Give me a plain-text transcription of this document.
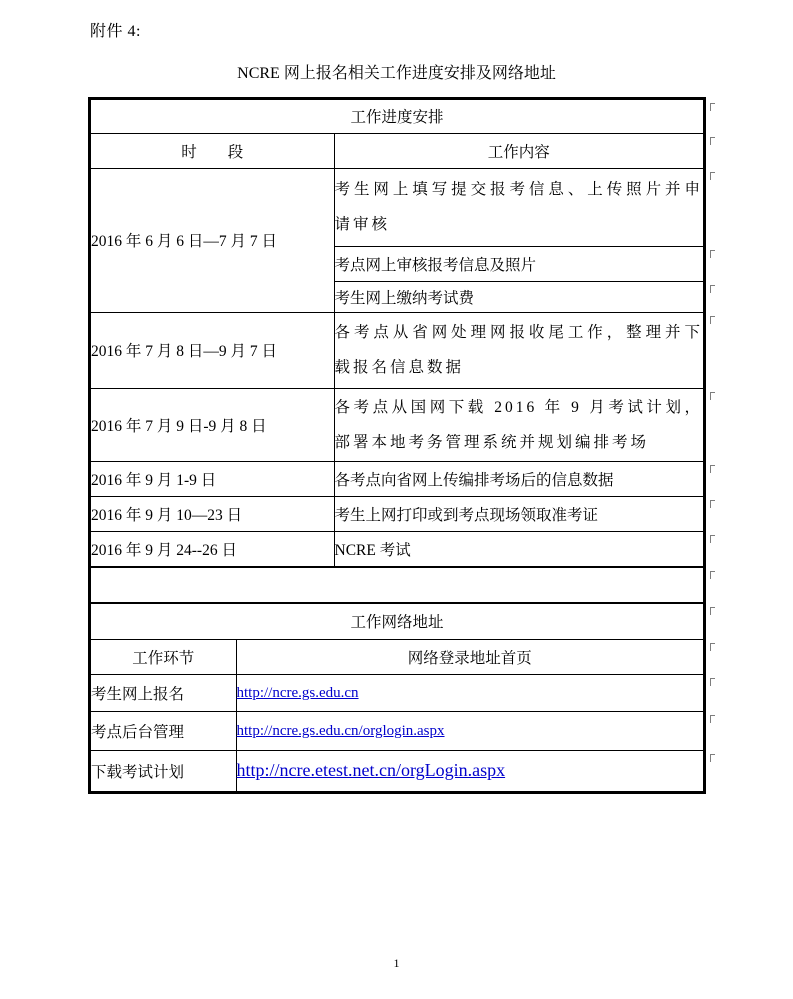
附件 4:
NCRE 网上报名相关工作进度安排及网络地址
工作进度安排	

时　　段	工作内容

2016 年 6 月 6 日—7 月 7 日	考生网上填写提交报考信息、上传照片并申请审核

	考点网上审核报考信息及照片

	考生网上缴纳考试费

2016 年 7 月 8 日—9 月 7 日	各考点从省网处理网报收尾工作，整理并下载报名信息数据

2016 年 7 月 9 日-9 月 8 日	各考点从国网下载 2016 年 9 月考试计划，部署本地考务管理系统并规划编排考场

2016 年 9 月 1-9 日	各考点向省网上传编排考场后的信息数据

2016 年 9 月 10—23 日	考生上网打印或到考点现场领取准考证

2016 年 9 月 24--26 日	NCRE 考试
工作网络地址	

工作环节	网络登录地址首页

考生网上报名	http://ncre.gs.edu.cn

考点后台管理	http://ncre.gs.edu.cn/orglogin.aspx

下载考试计划	http://ncre.etest.net.cn/orgLogin.aspx
1
